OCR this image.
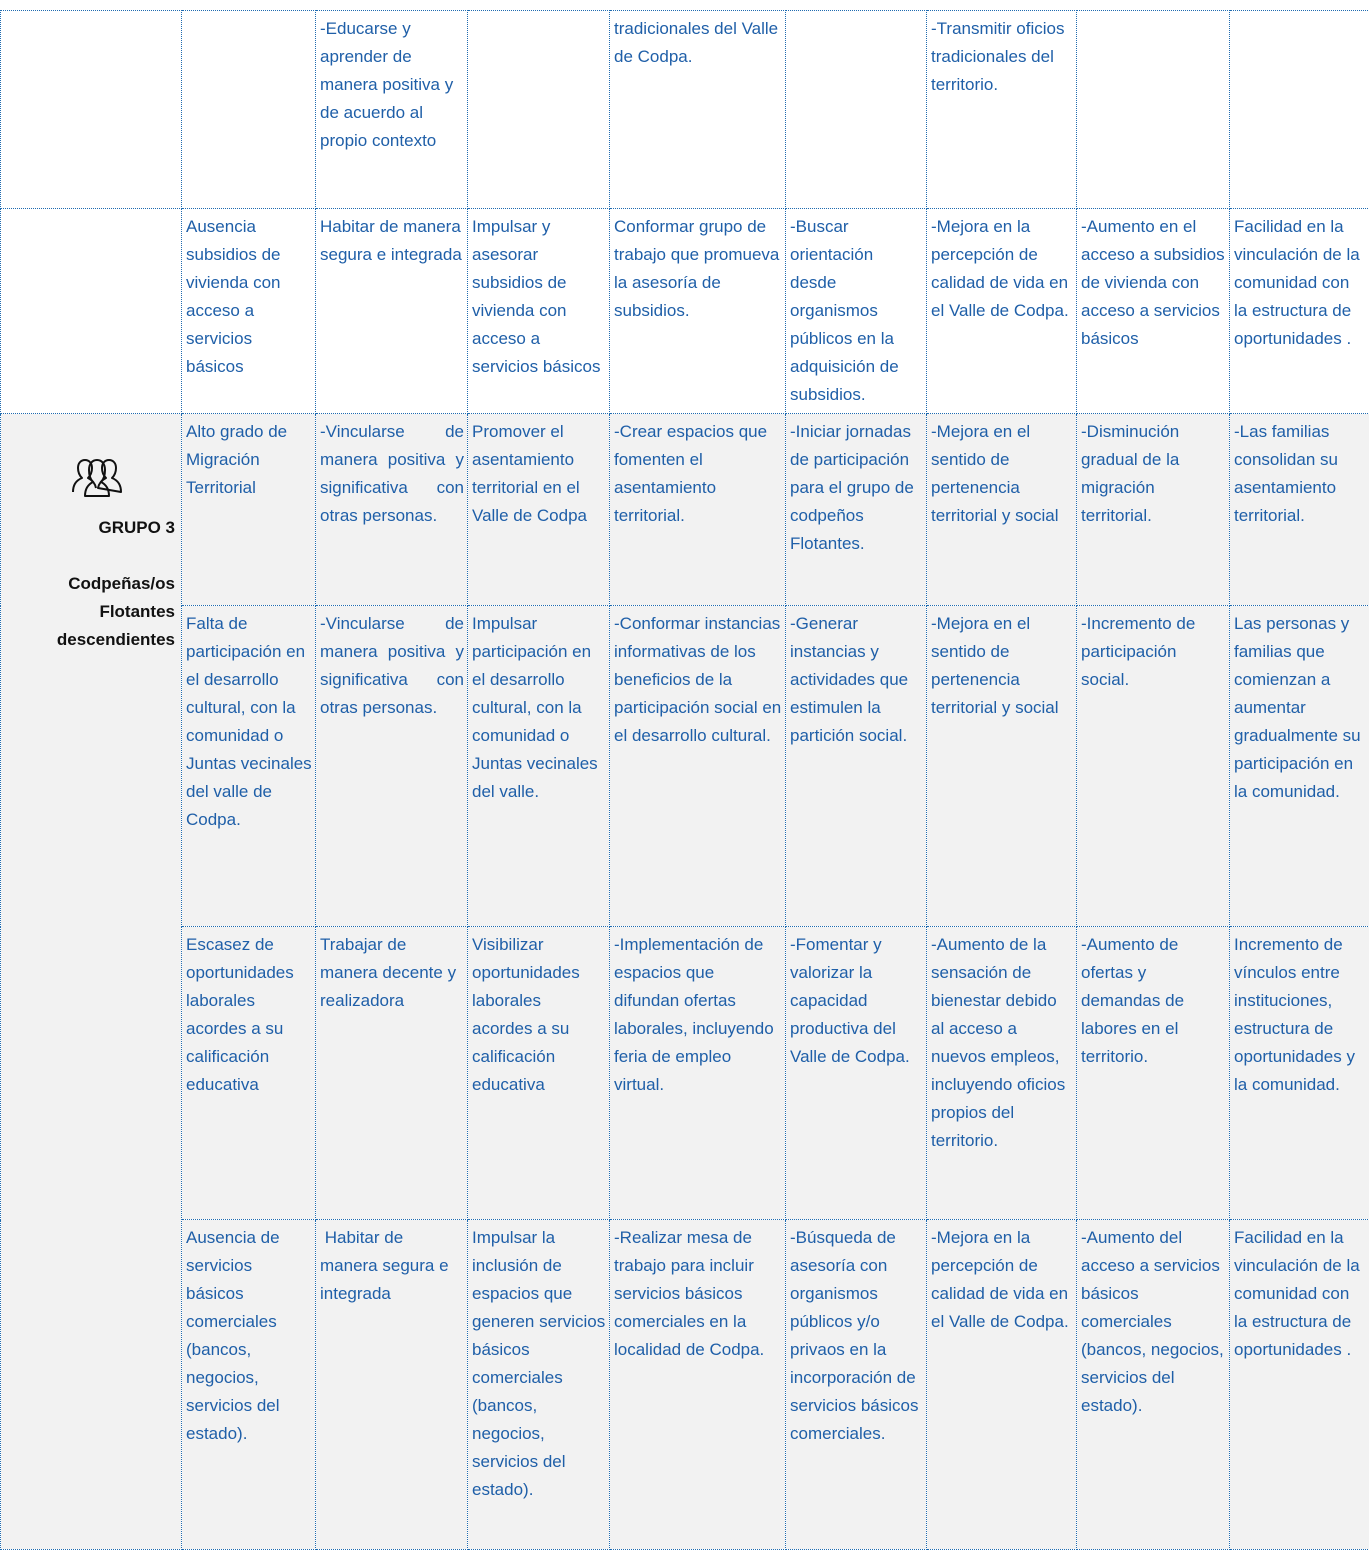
		-Educarse y aprender de manera positiva y de acuerdo al propio contexto		tradicionales del Valle de Codpa.		-Transmitir oficios tradicionales del territorio.		
	Ausencia subsidios de vivienda con acceso a servicios básicos	Habitar de manera segura e integrada	Impulsar y asesorar subsidios de vivienda con acceso a servicios básicos	Conformar grupo de trabajo que promueva la asesoría de subsidios.	-Buscar orientación desde organismos públicos en la adquisición de subsidios.	-Mejora en la percepción de calidad de vida en el Valle de Codpa.	-Aumento en el acceso a subsidios de vivienda con acceso a servicios básicos	Facilidad en la vinculación de la comunidad con la estructura de oportunidades .

GRUPO 3
Codpeñas/os Flotantes descendientes	Alto grado de Migración Territorial	-Vincularse de manera positiva y significativa con otras personas.	Promover el asentamiento territorial en el Valle de Codpa	-Crear espacios que fomenten el asentamiento territorial.	-Iniciar jornadas de participación para el grupo de codpeños Flotantes.	-Mejora en el sentido de pertenencia territorial y social	-Disminución gradual de la migración territorial.	-Las familias consolidan su asentamiento territorial.
	Falta de participación en el desarrollo cultural, con la comunidad o Juntas vecinales del valle de Codpa.	-Vincularse de manera positiva y significativa con otras personas.	Impulsar participación en el desarrollo cultural, con la comunidad o Juntas vecinales del valle.	-Conformar instancias informativas de los beneficios de la participación social en el desarrollo cultural.	-Generar instancias y actividades que estimulen la partición social.	-Mejora en el sentido de pertenencia territorial y social	-Incremento de participación social.	Las personas y familias que comienzan a aumentar gradualmente su participación en la comunidad.
	Escasez de oportunidades laborales acordes a su calificación educativa	Trabajar de manera decente y realizadora	Visibilizar oportunidades laborales acordes a su calificación educativa	-Implementación de espacios que difundan ofertas laborales, incluyendo feria de empleo virtual.	-Fomentar y valorizar la capacidad productiva del Valle de Codpa.	-Aumento de la sensación de bienestar debido al acceso a nuevos empleos, incluyendo oficios propios del territorio.	-Aumento de ofertas y demandas de labores en el territorio.	Incremento de vínculos entre instituciones, estructura de oportunidades y la comunidad.
	Ausencia de servicios básicos comerciales (bancos, negocios, servicios del estado).	Habitar de manera segura e integrada	Impulsar la inclusión de espacios que generen servicios básicos comerciales (bancos, negocios, servicios del estado).	-Realizar mesa de trabajo para incluir servicios básicos comerciales en la localidad de Codpa.	-Búsqueda de asesoría con organismos públicos y/o privaos en la incorporación de servicios básicos comerciales.	-Mejora en la percepción de calidad de vida en el Valle de Codpa.	-Aumento del acceso a servicios básicos comerciales (bancos, negocios, servicios del estado).	Facilidad en la vinculación de la comunidad con la estructura de oportunidades .
